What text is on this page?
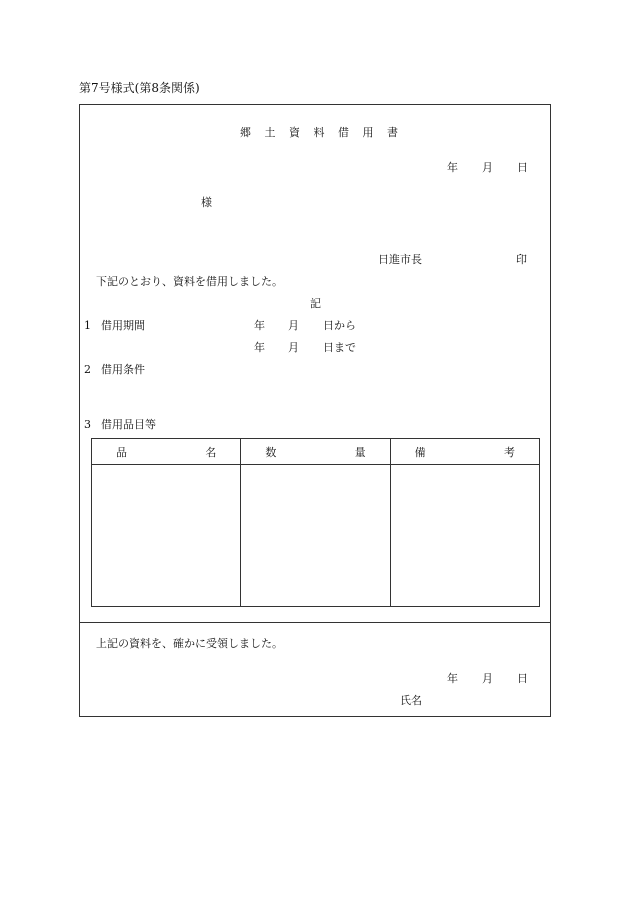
第7号様式(第8条関係)
郷 土 資 料 借 用 書
年 月 日
様
日進市長	印
下記のとおり、資料を借用しました。
記
1 借用期間	年 月 日から
年 月 日まで
2 借用条件
3 借用品目等
品 名	数 量	備 考

上記の資料を、確かに受領しました。
年 月 日
氏名
